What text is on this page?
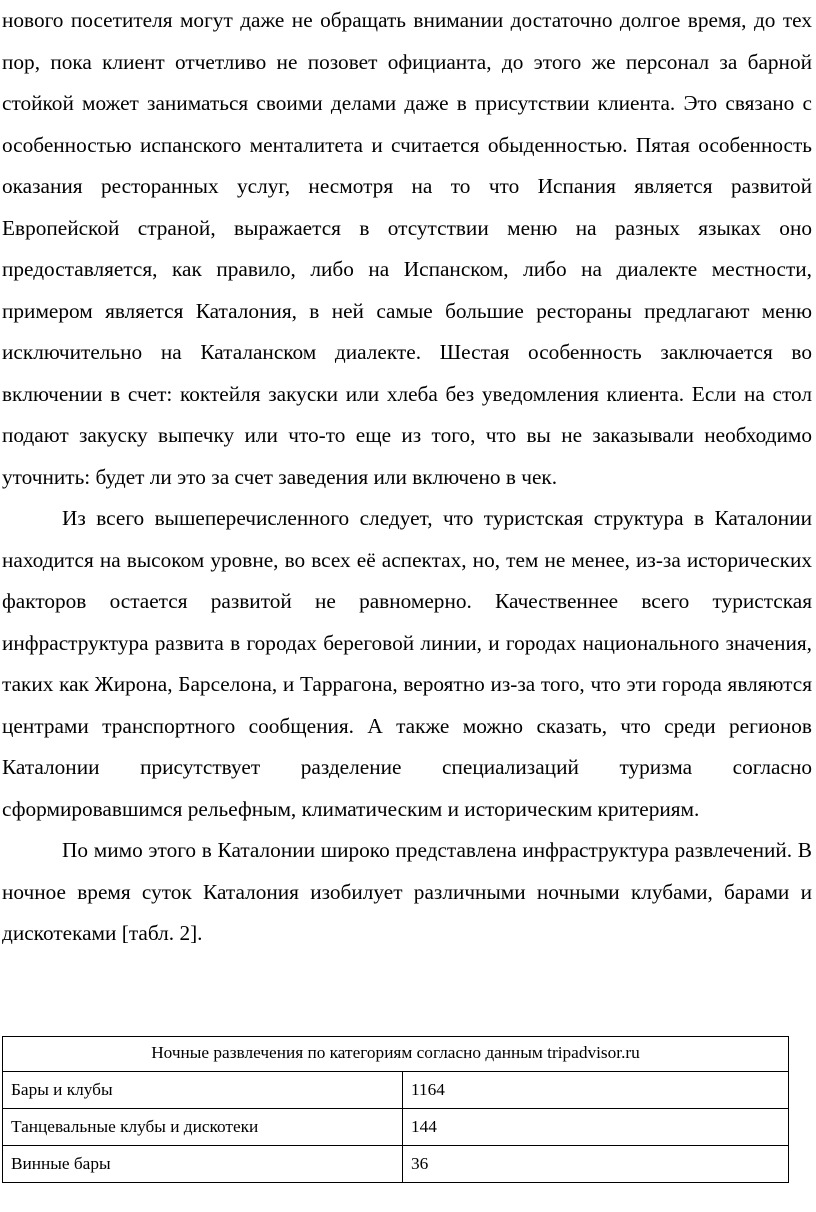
нового посетителя могут даже не обращать внимании достаточно долгое время, до тех пор, пока клиент отчетливо не позовет официанта, до этого же персонал за барной стойкой может заниматься своими делами даже в присутствии клиента. Это связано с особенностью испанского менталитета и считается обыденностью. Пятая особенность оказания ресторанных услуг, несмотря на то что Испания является развитой Европейской страной, выражается в отсутствии меню на разных языках оно предоставляется, как правило, либо на Испанском, либо на диалекте местности, примером является Каталония, в ней самые большие рестораны предлагают меню исключительно на Каталанском диалекте. Шестая особенность заключается во включении в счет: коктейля закуски или хлеба без уведомления клиента. Если на стол подают закуску выпечку или что-то еще из того, что вы не заказывали необходимо уточнить: будет ли это за счет заведения или включено в чек.

Из всего вышеперечисленного следует, что туристская структура в Каталонии находится на высоком уровне, во всех её аспектах, но, тем не менее, из-за исторических факторов остается развитой не равномерно. Качественнее всего туристская инфраструктура развита в городах береговой линии, и городах национального значения, таких как Жирона, Барселона, и Таррагона, вероятно из-за того, что эти города являются центрами транспортного сообщения. А также можно сказать, что среди регионов Каталонии присутствует разделение специализаций туризма согласно сформировавшимся рельефным, климатическим и историческим критериям.

По мимо этого в Каталонии широко представлена инфраструктура развлечений. В ночное время суток Каталония изобилует различными ночными клубами, барами и дискотеками [табл. 2].

Ночные развлечения по категориям согласно данным tripadvisor.ru	
Бары и клубы	1164
Танцевальные клубы и дискотеки	144
Винные бары	36
